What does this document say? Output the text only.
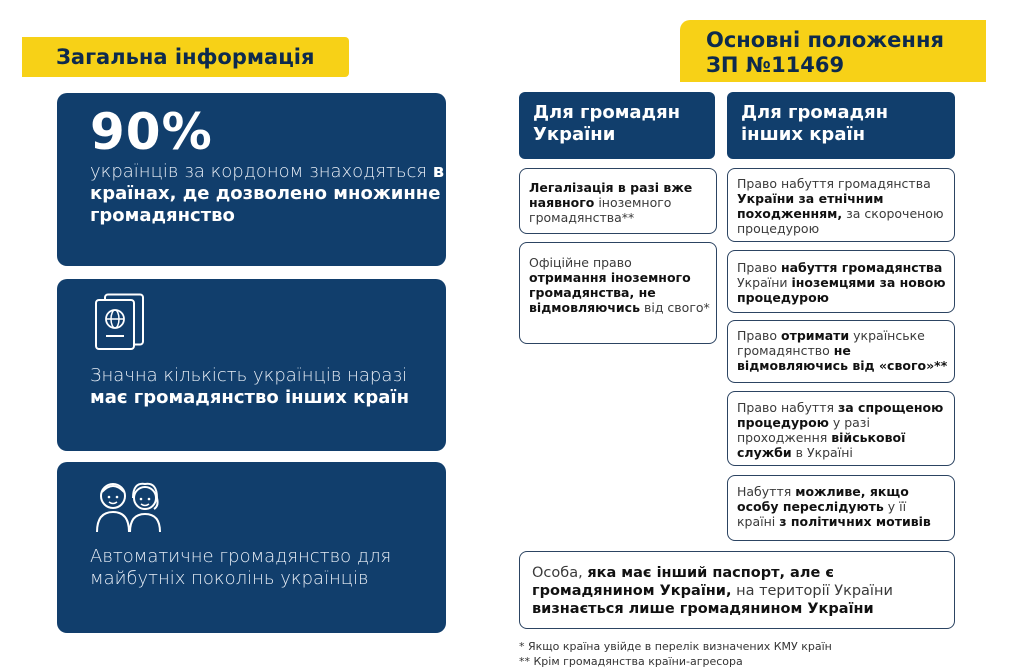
Загальна інформація
Основні положення
ЗП №11469
90%
українців за кордоном знаходяться в країнах, де дозволено множинне громадянство
Значна кількість українців наразі має громадянство інших країн
Автоматичне громадянство для майбутніх поколінь українців
Для громадян України
Для громадян інших країн
Легалізація в разі вже наявного іноземного громадянства**
Офіційне право отримання іноземного громадянства, не відмовляючись від свого*
Право набуття громадянства України за етнічним походженням, за скороченою процедурою
Право набуття громадянства України іноземцями за новою процедурою
Право отримати українське громадянство не відмовляючись від «свого»**
Право набуття за спрощеною процедурою у разі проходження військової служби в Україні
Набуття можливе, якщо особу переслідують у її країні з політичних мотивів
Особа, яка має інший паспорт, але є громадянином України, на території України визнається лише громадянином України
* Якщо країна увійде в перелік визначених КМУ країн
** Крім громадянства країни-агресора
